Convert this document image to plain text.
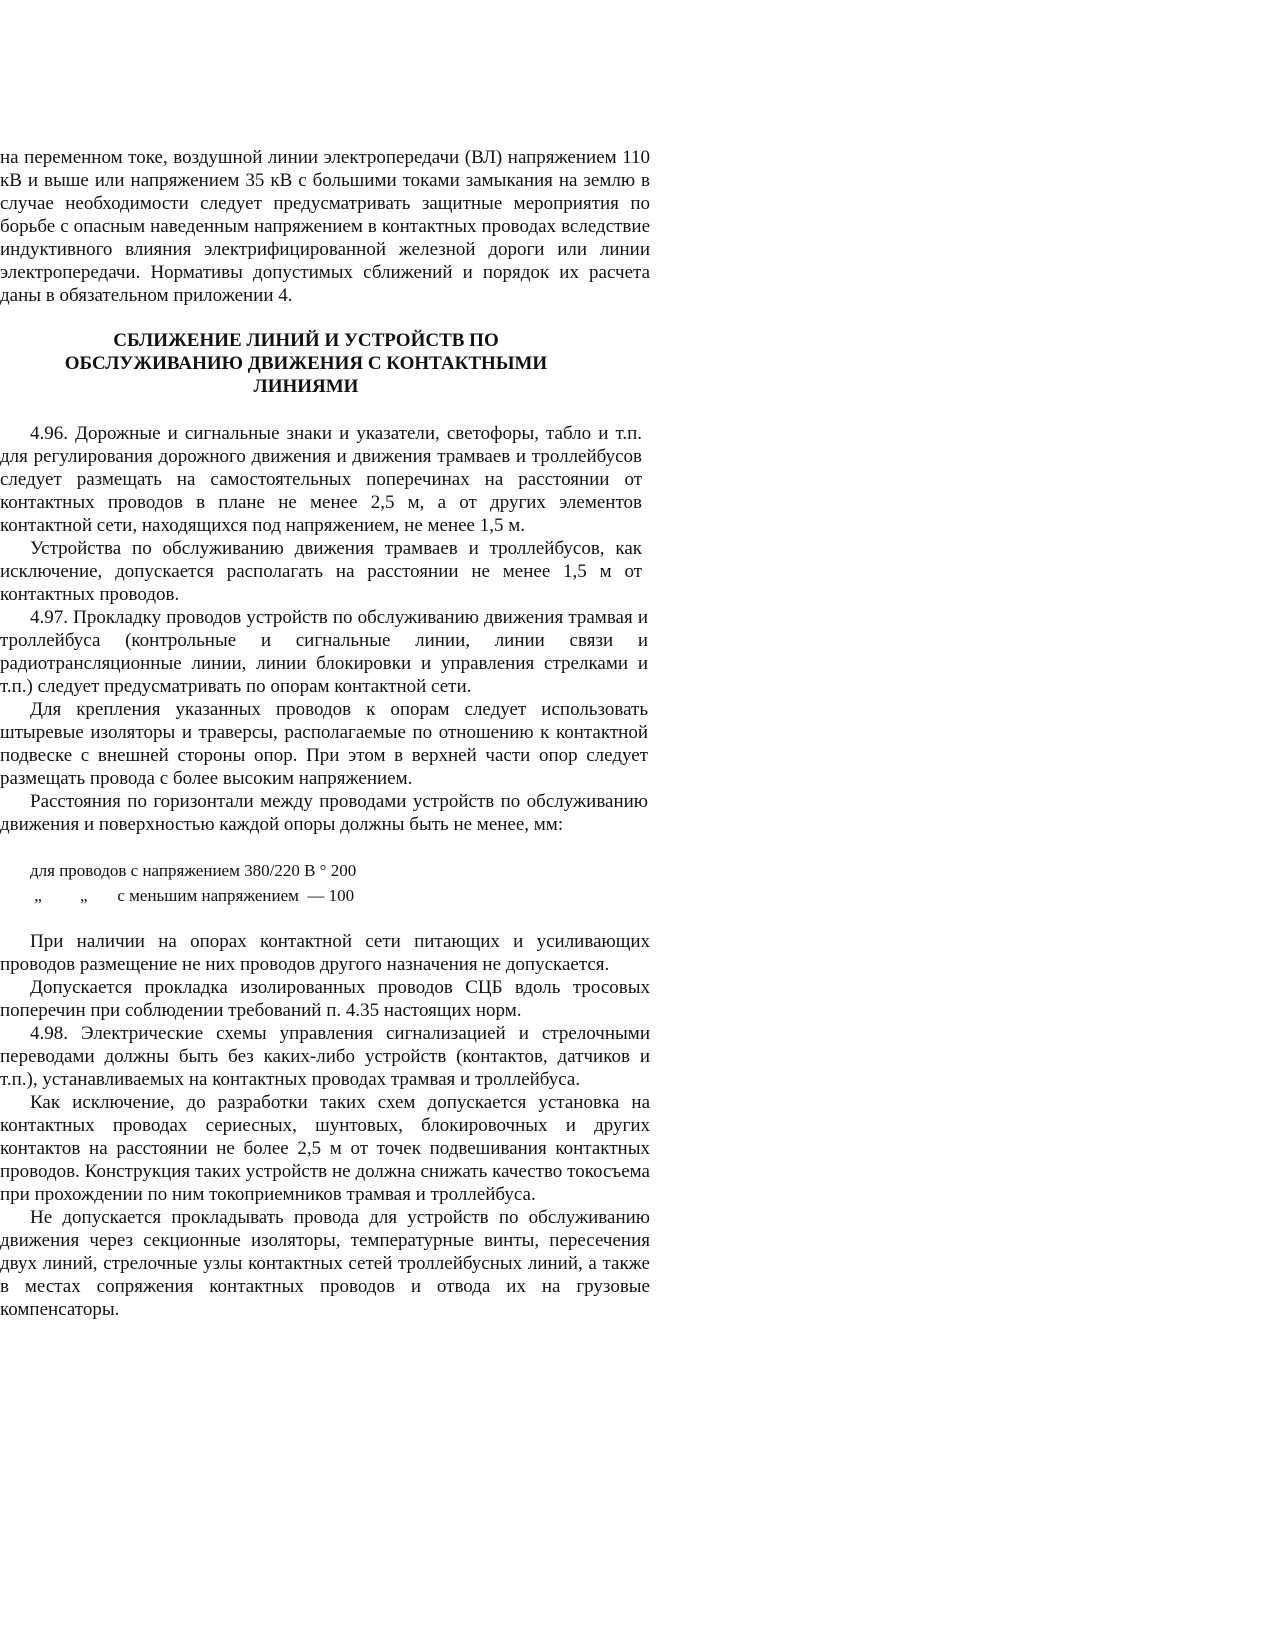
на переменном токе, воздушной линии электропередачи (ВЛ) напряжением 110 кВ и выше или напряжением 35 кВ с большими токами замыкания на землю в случае необходимости следует предусматривать защитные мероприятия по борьбе с опасным наведенным напряжением в контактных проводах вследствие индуктивного влияния электрифицированной железной дороги или линии электропередачи. Нормативы допустимых сближений и порядок их расчета даны в обязательном приложении 4.

СБЛИЖЕНИЕ ЛИНИЙ И УСТРОЙСТВ ПО
ОБСЛУЖИВАНИЮ ДВИЖЕНИЯ С КОНТАКТНЫМИ
ЛИНИЯМИ

4.96. Дорожные и сигнальные знаки и указатели, светофоры, табло и т.п. для регулирования дорожного движения и движения трамваев и троллейбусов следует размещать на самостоятельных поперечинах на расстоянии от контактных проводов в плане не менее 2,5 м, а от других элементов контактной сети, находящихся под напряжением, не менее 1,5 м.

Устройства по обслуживанию движения трамваев и троллейбусов, как исключение, допускается располагать на расстоянии не менее 1,5 м от контактных проводов.

4.97. Прокладку проводов устройств по обслуживанию движения трамвая и троллейбуса (контрольные и сигнальные линии, линии связи и радиотрансляционные линии, линии блокировки и управления стрелками и т.п.) следует предусматривать по опорам контактной сети.

Для крепления указанных проводов к опорам следует использовать штыревые изоляторы и траверсы, располагаемые по отношению к контактной подвеске с внешней стороны опор. При этом в верхней части опор следует размещать провода с более высоким напряжением.

Расстояния по горизонтали между проводами устройств по обслуживанию движения и поверхностью каждой опоры должны быть не менее, мм:

для проводов с напряжением 380/220 В ° 200
„         „       с меньшим напряжением  — 100

При наличии на опорах контактной сети питающих и усиливающих проводов размещение не них проводов другого назначения не допускается.

Допускается прокладка изолированных проводов СЦБ вдоль тросовых поперечин при соблюдении требований п. 4.35 настоящих норм.

4.98. Электрические схемы управления сигнализацией и стрелочными переводами должны быть без каких-либо устройств (контактов, датчиков и т.п.), устанавливаемых на контактных проводах трамвая и троллейбуса.

Как исключение, до разработки таких схем допускается установка на контактных проводах сериесных, шунтовых, блокировочных и других контактов на расстоянии не более 2,5 м от точек подвешивания контактных проводов. Конструкция таких устройств не должна снижать качество токосъема при прохождении по ним токоприемников трамвая и троллейбуса.

Не допускается прокладывать провода для устройств по обслуживанию движения через секционные изоляторы, температурные винты, пересечения двух линий, стрелочные узлы контактных сетей троллейбусных линий, а также в местах сопряжения контактных проводов и отвода их на грузовые компенсаторы.
